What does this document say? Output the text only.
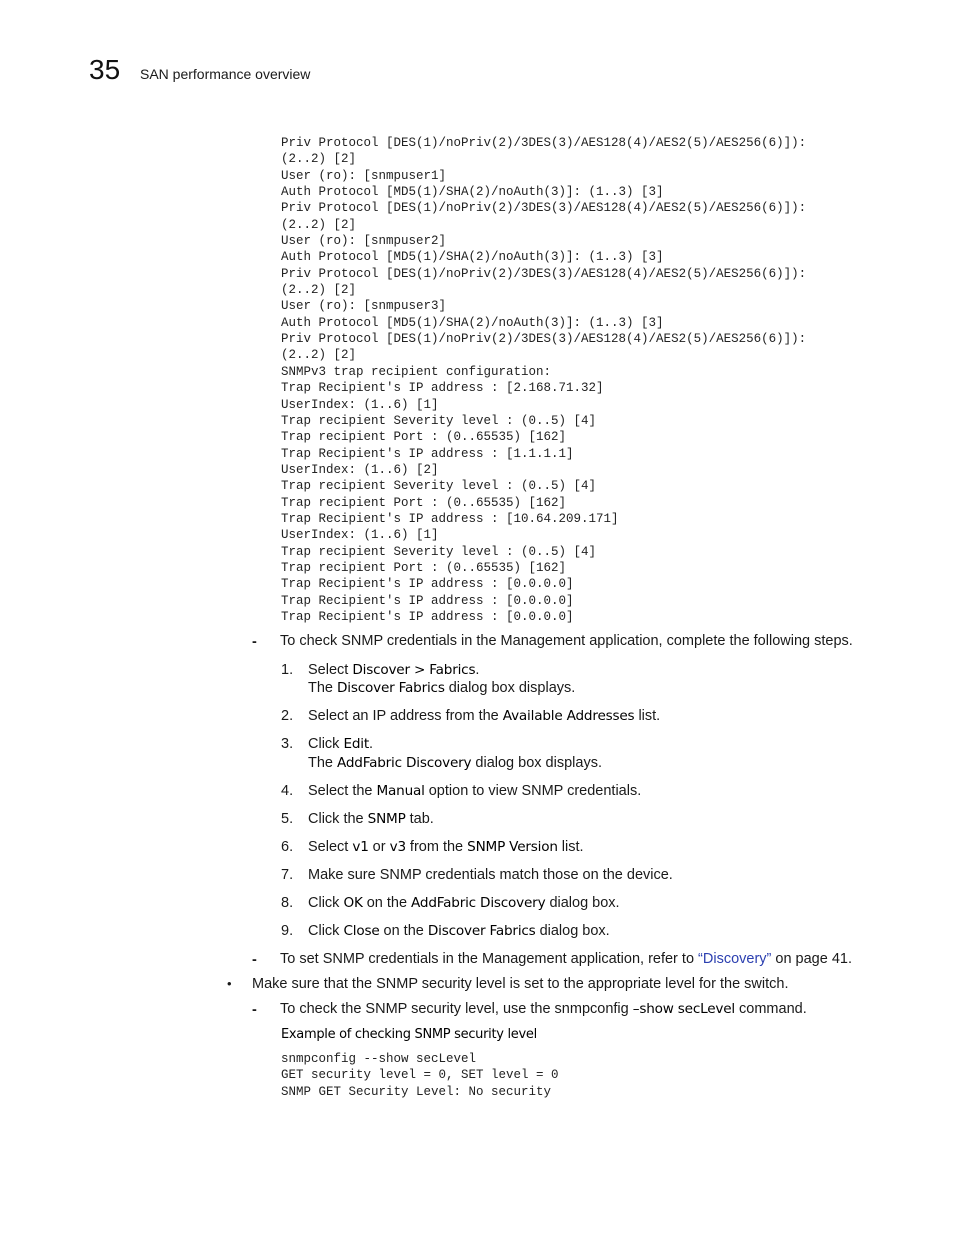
35 SAN performance overview
Priv Protocol [DES(1)/noPriv(2)/3DES(3)/AES128(4)/AES2(5)/AES256(6)]):
(2..2) [2]
User (ro): [snmpuser1]
Auth Protocol [MD5(1)/SHA(2)/noAuth(3)]: (1..3) [3]
Priv Protocol [DES(1)/noPriv(2)/3DES(3)/AES128(4)/AES2(5)/AES256(6)]):
(2..2) [2]
User (ro): [snmpuser2]
Auth Protocol [MD5(1)/SHA(2)/noAuth(3)]: (1..3) [3]
Priv Protocol [DES(1)/noPriv(2)/3DES(3)/AES128(4)/AES2(5)/AES256(6)]):
(2..2) [2]
User (ro): [snmpuser3]
Auth Protocol [MD5(1)/SHA(2)/noAuth(3)]: (1..3) [3]
Priv Protocol [DES(1)/noPriv(2)/3DES(3)/AES128(4)/AES2(5)/AES256(6)]):
(2..2) [2]
SNMPv3 trap recipient configuration:
Trap Recipient's IP address : [2.168.71.32]
UserIndex: (1..6) [1]
Trap recipient Severity level : (0..5) [4]
Trap recipient Port : (0..65535) [162]
Trap Recipient's IP address : [1.1.1.1]
UserIndex: (1..6) [2]
Trap recipient Severity level : (0..5) [4]
Trap recipient Port : (0..65535) [162]
Trap Recipient's IP address : [10.64.209.171]
UserIndex: (1..6) [1]
Trap recipient Severity level : (0..5) [4]
Trap recipient Port : (0..65535) [162]
Trap Recipient's IP address : [0.0.0.0]
Trap Recipient's IP address : [0.0.0.0]
Trap Recipient's IP address : [0.0.0.0]
- To check SNMP credentials in the Management application, complete the following steps.
1. Select Discover > Fabrics.
The Discover Fabrics dialog box displays.
2. Select an IP address from the Available Addresses list.
3. Click Edit.
The AddFabric Discovery dialog box displays.
4. Select the Manual option to view SNMP credentials.
5. Click the SNMP tab.
6. Select v1 or v3 from the SNMP Version list.
7. Make sure SNMP credentials match those on the device.
8. Click OK on the AddFabric Discovery dialog box.
9. Click Close on the Discover Fabrics dialog box.
- To set SNMP credentials in the Management application, refer to “Discovery” on page 41.
• Make sure that the SNMP security level is set to the appropriate level for the switch.
- To check the SNMP security level, use the snmpconfig –show secLevel command.
Example of checking SNMP security level
snmpconfig --show secLevel
GET security level = 0, SET level = 0
SNMP GET Security Level: No security
